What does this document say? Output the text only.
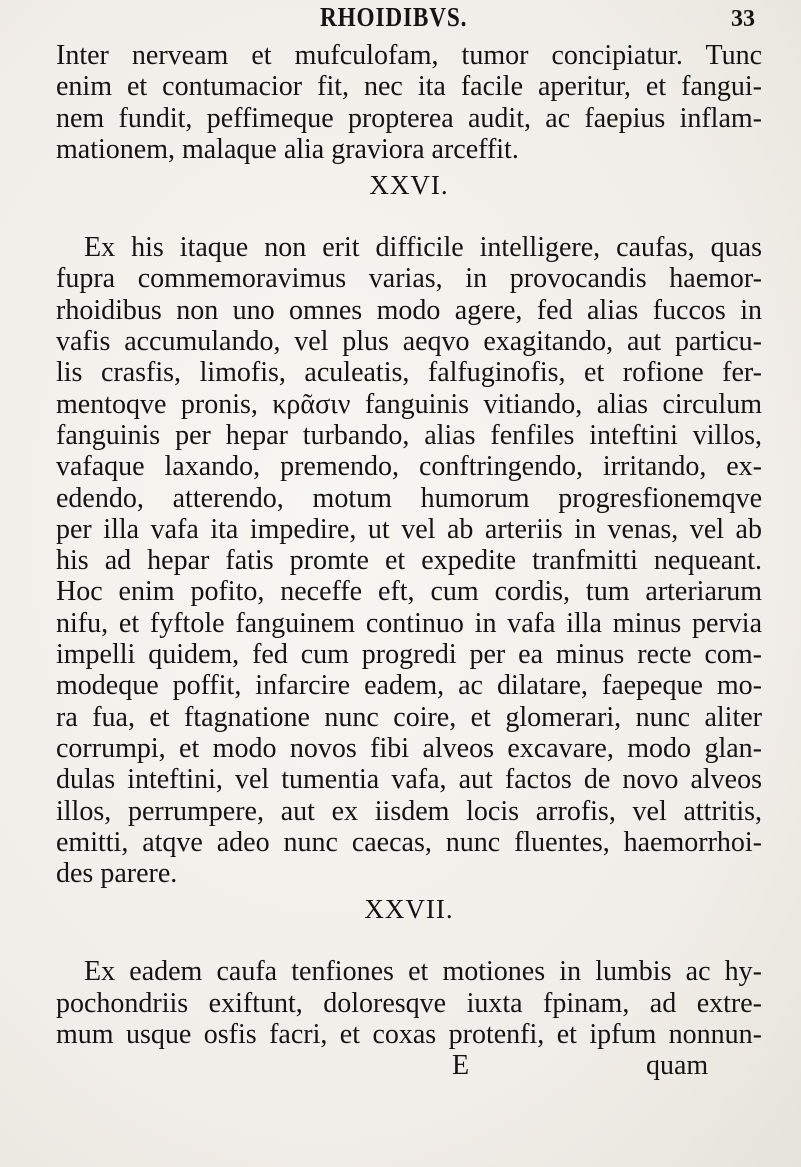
RHOIDIBVS.	33
Inter nerveam et mufculofam, tumor concipiatur. Tunc
enim et contumacior fit, nec ita facile aperitur, et fangui-
nem fundit, peffimeque propterea audit, ac faepius inflam-
mationem, malaque alia graviora arceffit.
XXVI.
Ex his itaque non erit difficile intelligere, caufas, quas
fupra commemoravimus varias, in provocandis haemor-
rhoidibus non uno omnes modo agere, fed alias fuccos in
vafis accumulando, vel plus aeqvo exagitando, aut particu-
lis crasfis, limofis, aculeatis, falfuginofis, et rofione fer-
mentoqve pronis, κρᾶσιν fanguinis vitiando, alias circulum
fanguinis per hepar turbando, alias fenfiles inteftini villos,
vafaque laxando, premendo, conftringendo, irritando, ex-
edendo, atterendo, motum humorum progresfionemqve
per illa vafa ita impedire, ut vel ab arteriis in venas, vel ab
his ad hepar fatis promte et expedite tranfmitti nequeant.
Hoc enim pofito, neceffe eft, cum cordis, tum arteriarum
nifu, et fyftole fanguinem continuo in vafa illa minus pervia
impelli quidem, fed cum progredi per ea minus recte com-
modeque poffit, infarcire eadem, ac dilatare, faepeque mo-
ra fua, et ftagnatione nunc coire, et glomerari, nunc aliter
corrumpi, et modo novos fibi alveos excavare, modo glan-
dulas inteftini, vel tumentia vafa, aut factos de novo alveos
illos, perrumpere, aut ex iisdem locis arrofis, vel attritis,
emitti, atqve adeo nunc caecas, nunc fluentes, haemorrhoi-
des parere.
XXVII.
Ex eadem caufa tenfiones et motiones in lumbis ac hy-
pochondriis exiftunt, doloresqve iuxta fpinam, ad extre-
mum usque osfis facri, et coxas protenfi, et ipfum nonnun-
E	quam
